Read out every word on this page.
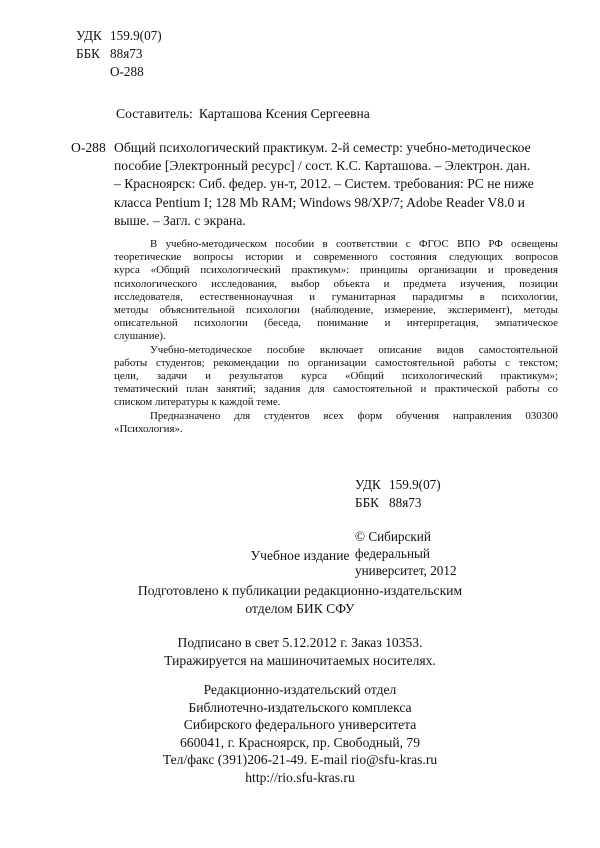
УДК 159.9(07)
ББК 88я73
О-288
Составитель: Карташова Ксения Сергеевна
О-288 Общий психологический практикум. 2-й семестр: учебно-методическое
пособие [Электронный ресурс] / сост. К.С. Карташова. – Электрон. дан.
– Красноярск: Сиб. федер. ун-т, 2012. – Систем. требования: PC не ниже
класса Pentium I; 128 Mb RAM; Windows 98/XP/7; Adobe Reader V8.0 и
выше. – Загл. с экрана.
В учебно-методическом пособии в соответствии с ФГОС ВПО РФ освещены
теоретические вопросы истории и современного состояния следующих вопросов
курса «Общий психологический практикум»: принципы организации и проведения
психологического исследования, выбор объекта и предмета изучения, позиции
исследователя, естественнонаучная и гуманитарная парадигмы в психологии,
методы объяснительной психологии (наблюдение, измерение, эксперимент), методы
описательной психологии (беседа, понимание и интерпретация, эмпатическое

слушание).

Учебно-методическое пособие включает описание видов самостоятельной
работы студентов; рекомендации по организации самостоятельной работы с текстом;
цели, задачи и результатов курса «Общий психологический практикум»;
тематический план занятий; задания для самостоятельной и практической работы со

списком литературы к каждой теме.

Предназначено для студентов всех форм обучения направления 030300

«Психология».

УДК 159.9(07)
ББК 88я73
© Сибирский
федеральный
университет, 2012
Учебное издание
Подготовлено к публикации редакционно-издательским
отделом БИК СФУ
Подписано в свет 5.12.2012 г. Заказ 10353.
Тиражируется на машиночитаемых носителях.
Редакционно-издательский отдел
Библиотечно-издательского комплекса
Сибирского федерального университета
660041, г. Красноярск, пр. Свободный, 79
Тел/факс (391)206-21-49. E-mail rio@sfu-kras.ru
http://rio.sfu-kras.ru
